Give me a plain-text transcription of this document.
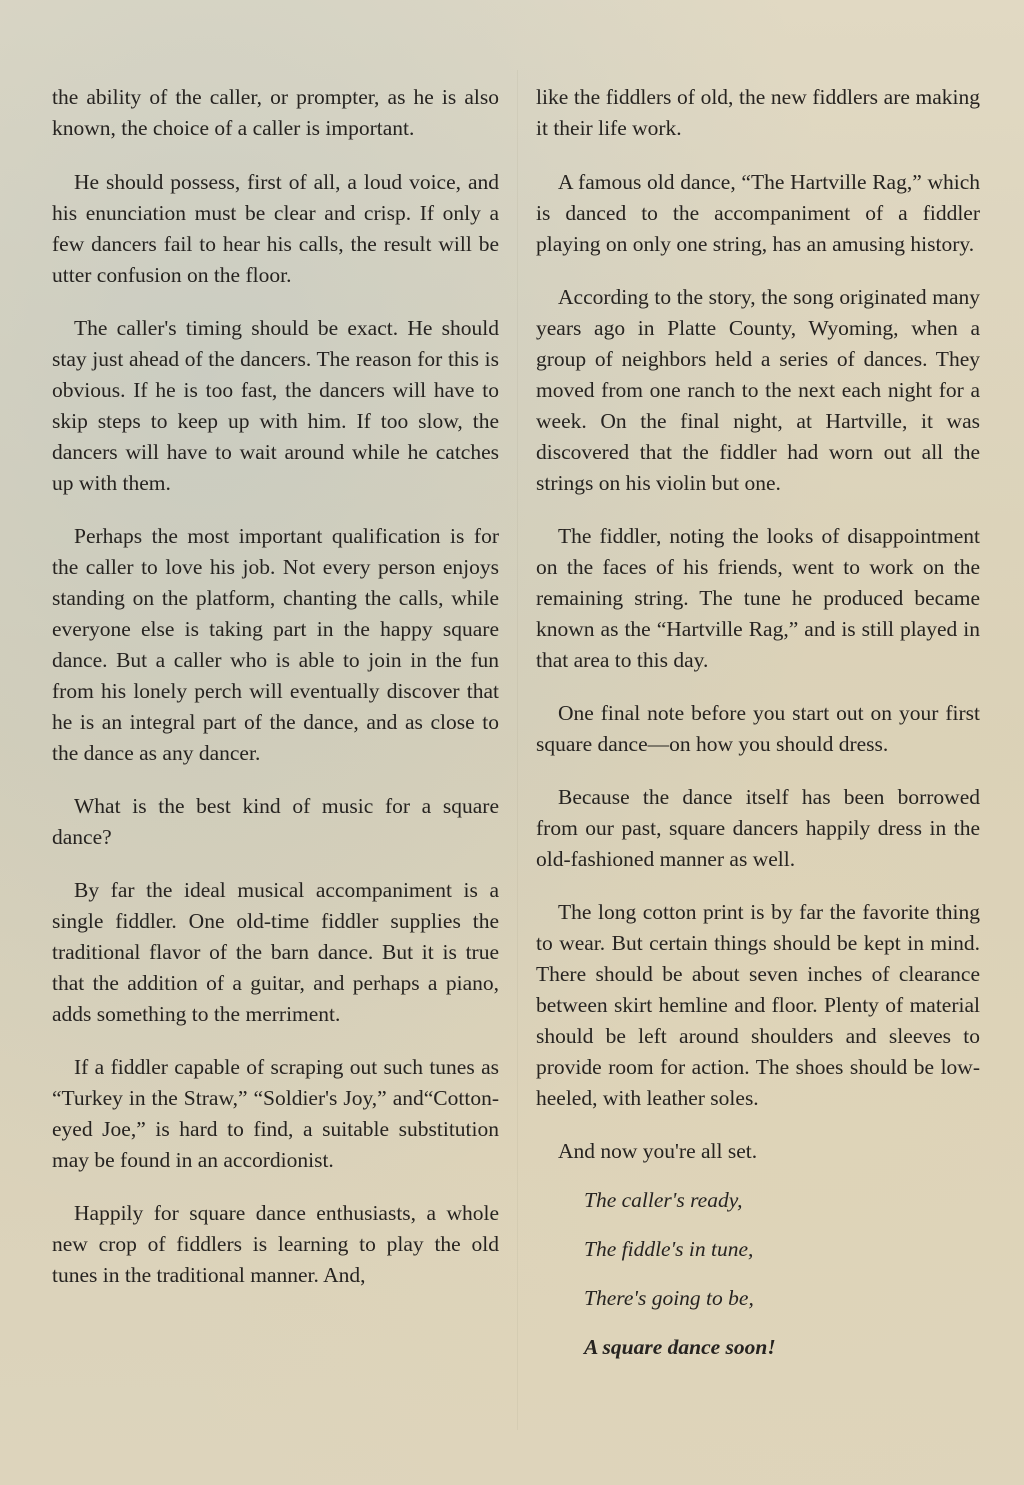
the ability of the caller, or prompter, as he is also known, the choice of a caller is important.

He should possess, first of all, a loud voice, and his enunciation must be clear and crisp. If only a few dancers fail to hear his calls, the result will be utter confusion on the floor.

The caller's timing should be exact. He should stay just ahead of the dancers. The reason for this is obvious. If he is too fast, the dancers will have to skip steps to keep up with him. If too slow, the dancers will have to wait around while he catches up with them.

Perhaps the most important qualification is for the caller to love his job. Not every person enjoys standing on the platform, chanting the calls, while everyone else is taking part in the happy square dance. But a caller who is able to join in the fun from his lonely perch will eventually discover that he is an integral part of the dance, and as close to the dance as any dancer.

What is the best kind of music for a square dance?

By far the ideal musical accompaniment is a single fiddler. One old-time fiddler supplies the traditional flavor of the barn dance. But it is true that the addition of a guitar, and perhaps a piano, adds something to the merriment.

If a fiddler capable of scraping out such tunes as “Turkey in the Straw,” “Soldier's Joy,” and“Cotton-eyed Joe,” is hard to find, a suitable substitution may be found in an accordionist.

Happily for square dance enthusiasts, a whole new crop of fiddlers is learning to play the old tunes in the traditional manner. And,

like the fiddlers of old, the new fiddlers are making it their life work.

A famous old dance, “The Hartville Rag,” which is danced to the accompaniment of a fiddler playing on only one string, has an amusing history.

According to the story, the song originated many years ago in Platte County, Wyoming, when a group of neighbors held a series of dances. They moved from one ranch to the next each night for a week. On the final night, at Hartville, it was discovered that the fiddler had worn out all the strings on his violin but one.

The fiddler, noting the looks of disappointment on the faces of his friends, went to work on the remaining string. The tune he produced became known as the “Hartville Rag,” and is still played in that area to this day.

One final note before you start out on your first square dance—on how you should dress.

Because the dance itself has been borrowed from our past, square dancers happily dress in the old-fashioned manner as well.

The long cotton print is by far the favorite thing to wear. But certain things should be kept in mind. There should be about seven inches of clearance between skirt hemline and floor. Plenty of material should be left around shoulders and sleeves to provide room for action. The shoes should be low-heeled, with leather soles.

And now you're all set.
The caller's ready,
The fiddle's in tune,
There's going to be,
A square dance soon!
